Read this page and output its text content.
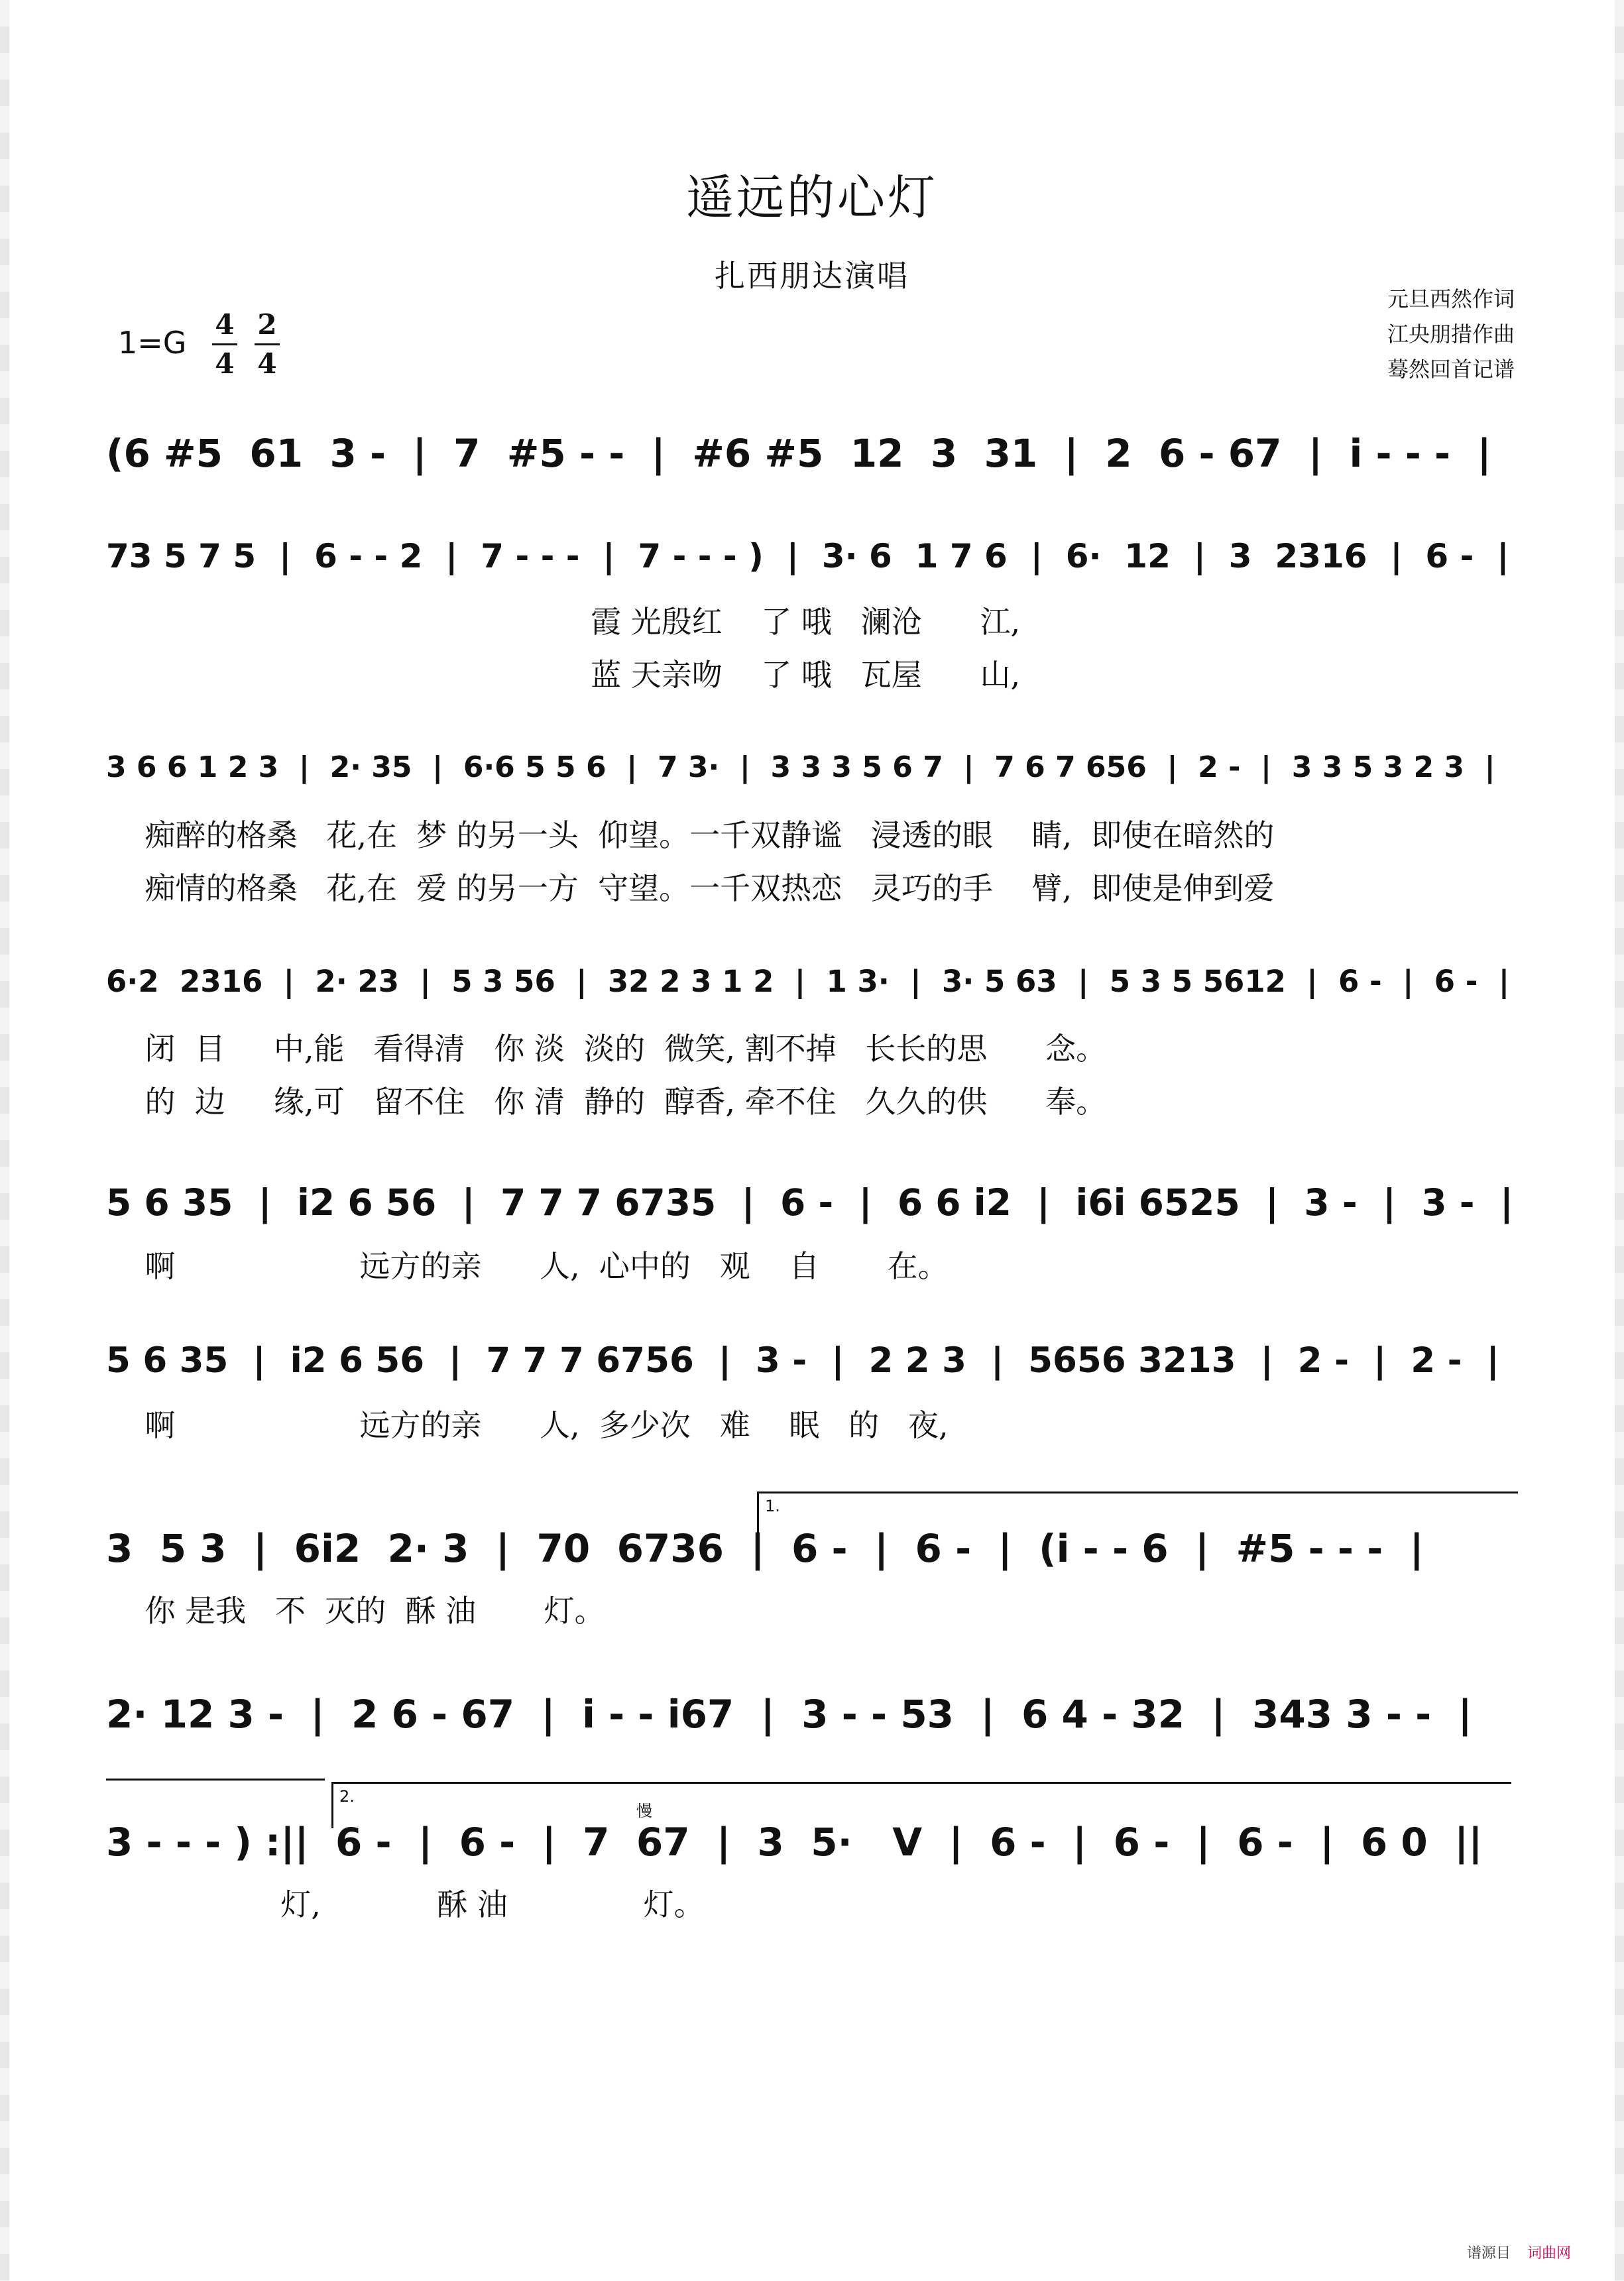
遥远的心灯
扎西朋达演唱
元旦西然作词
江央朋措作曲
蓦然回首记谱
1=G
4
4
2
4

(6 #5  61  3 -  |  7  #5 - -  |  #6 #5  12  3  31  |  2  6 - 67  |  i - - -  |

73 5 7 5  |  6 - - 2  |  7 - - -  |  7 - - - )  |  3· 6  1 7 6  |  6·  12  |  3  2316  |  6 -  |

霞 光殷红    了 哦   澜沧      江,

蓝 天亲吻    了 哦   瓦屋      山,

3 6 6 1 2 3  |  2· 35  |  6·6 5 5 6  |  7 3·  |  3 3 3 5 6 7  |  7 6 7 656  |  2 -  |  3 3 5 3 2 3  |

痴醉的格桑   花,在  梦 的另一头  仰望。一千双静谧   浸透的眼    睛,  即使在暗然的

痴情的格桑   花,在  爱 的另一方  守望。一千双热恋   灵巧的手    臂,  即使是伸到爱

6·2  2316  |  2· 23  |  5 3 56  |  32 2 3 1 2  |  1 3·  |  3· 5 63  |  5 3 5 5612  |  6 -  |  6 -  |

闭  目     中,能   看得清   你 淡  淡的  微笑, 割不掉   长长的思      念。

的  边     缘,可   留不住   你 清  静的  醇香, 牵不住   久久的供      奉。

5 6 35  |  i2 6 56  |  7 7 7 6735  |  6 -  |  6 6 i2  |  i6i 6525  |  3 -  |  3 -  |

啊                   远方的亲      人,  心中的   观    自       在。

5 6 35  |  i2 6 56  |  7 7 7 6756  |  3 -  |  2 2 3  |  5656 3213  |  2 -  |  2 -  |

啊                   远方的亲      人,  多少次   难    眠   的   夜,

1.

3  5 3  |  6i2  2· 3  |  70  6736  |  6 -  |  6 -  |  (i - - 6  |  #5 - - -  |

你 是我   不  灭的  酥 油       灯。

2· 12 3 -  |  2 6 - 67  |  i - - i67  |  3 - - 53  |  6 4 - 32  |  343 3 - -  |

2.
慢

3 - - - ) :||  6 -  |  6 -  |  7  67  |  3  5·   V  |  6 -  |  6 -  |  6 -  |  6 0  ||

灯,            酥 油              灯。

谱源目 词曲网
